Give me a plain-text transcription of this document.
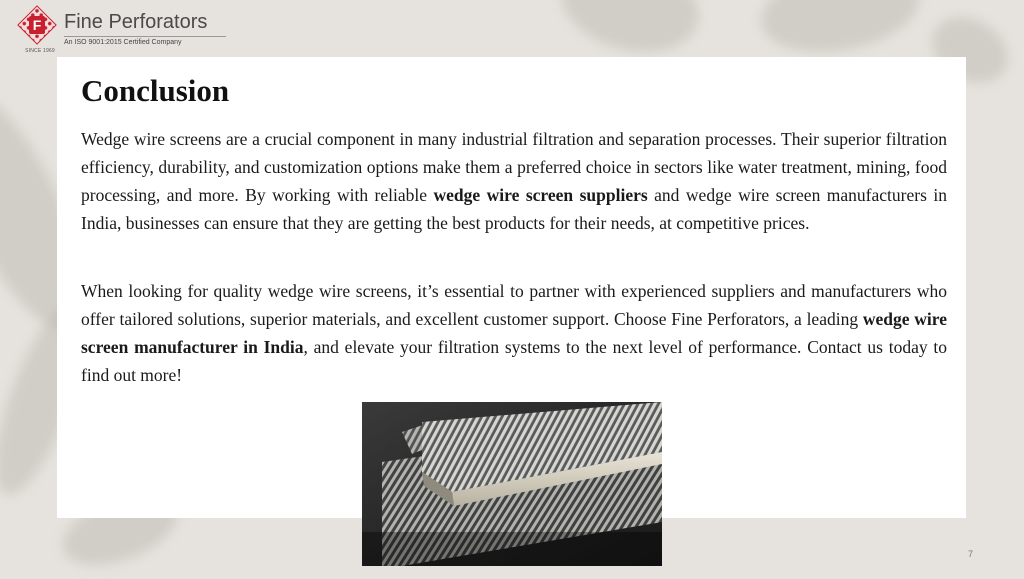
F
SINCE 1969
Fine Perforators
An ISO 9001:2015 Certified Company
Conclusion

Wedge wire screens are a crucial component in many industrial filtration and separation processes. Their superior filtration efficiency, durability, and customization options make them a preferred choice in sectors like water treatment, mining, food processing, and more. By working with reliable wedge wire screen suppliers and wedge wire screen manufacturers in India, businesses can ensure that they are getting the best products for their needs, at competitive prices.

When looking for quality wedge wire screens, it’s essential to partner with experienced suppliers and manufacturers who offer tailored solutions, superior materials, and excellent customer support. Choose Fine Perforators, a leading wedge wire screen manufacturer in India, and elevate your filtration systems to the next level of performance. Contact us today to find out more!

7
